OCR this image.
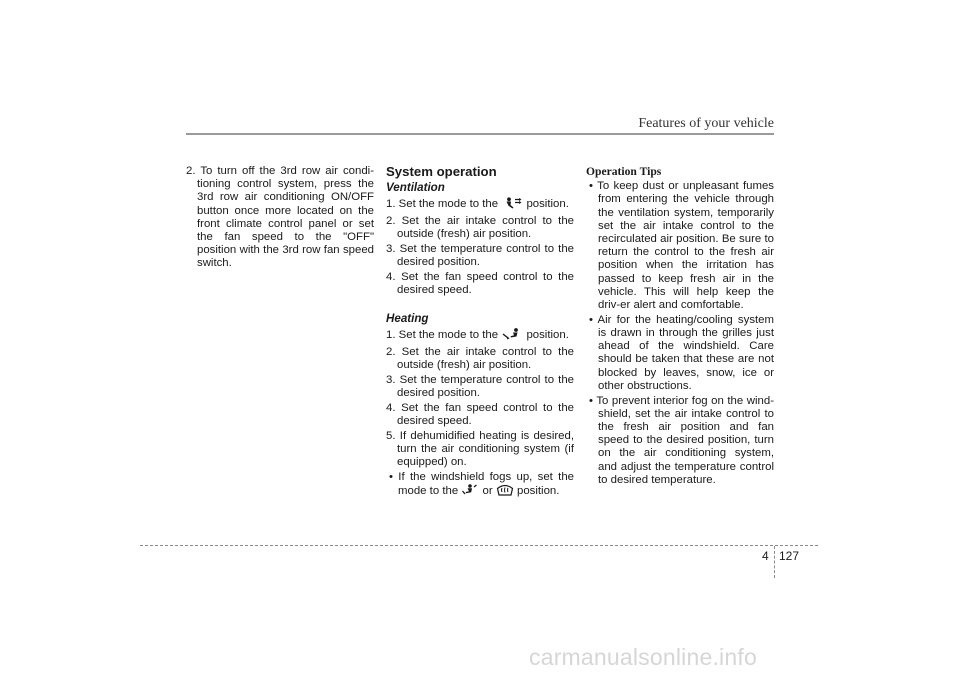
Features of your vehicle

2. To turn off the 3rd row air condi-tioning control system, press the 3rd row air conditioning ON/OFF button once more located on the front climate control panel or set the fan speed to the "OFF" position with the 3rd row fan speed switch.

System operation
Ventilation

1. Set the mode to the position.

2. Set the air intake control to the outside (fresh) air position.

3. Set the temperature control to the desired position.

4. Set the fan speed control to the desired speed.

Heating

1. Set the mode to the position.

2. Set the air intake control to the outside (fresh) air position.

3. Set the temperature control to the desired position.

4. Set the fan speed control to the desired speed.

5. If dehumidified heating is desired, turn the air conditioning system (if equipped) on.

• If the windshield fogs up, set the mode to the or position.

Operation Tips

• To keep dust or unpleasant fumes from entering the vehicle through the ventilation system, temporarily set the air intake control to the recirculated air position. Be sure to return the control to the fresh air position when the irritation has passed to keep fresh air in the vehicle. This will help keep the driv-er alert and comfortable.

• Air for the heating/cooling system is drawn in through the grilles just ahead of the windshield. Care should be taken that these are not blocked by leaves, snow, ice or other obstructions.

• To prevent interior fog on the wind-shield, set the air intake control to the fresh air position and fan speed to the desired position, turn on the air conditioning system, and adjust the temperature control to desired temperature.

4 127
carmanualsonline.info
